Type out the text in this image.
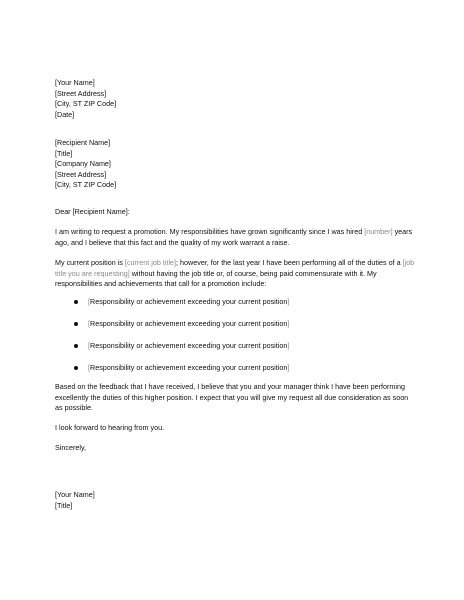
[Your Name]
[Street Address]
[City, ST ZIP Code]
[Date]
[Recipient Name]
[Title]
[Company Name]
[Street Address]
[City, ST ZIP Code]
Dear [Recipient Name]:
I am writing to request a promotion. My responsibilities have grown significantly since I was hired [number] years ago, and I believe that this fact and the quality of my work warrant a raise.
My current position is [current job title]; however, for the last year I have been performing all of the duties of a [job title you are requesting] without having the job title or, of course, being paid commensurate with it. My responsibilities and achievements that call for a promotion include:
[Responsibility or achievement exceeding your current position]
[Responsibility or achievement exceeding your current position]
[Responsibility or achievement exceeding your current position]
[Responsibility or achievement exceeding your current position]
Based on the feedback that I have received, I believe that you and your manager think I have been performing excellently the duties of this higher position. I expect that you will give my request all due consideration as soon as possible.
I look forward to hearing from you.
Sincerely,
[Your Name]
[Title]
